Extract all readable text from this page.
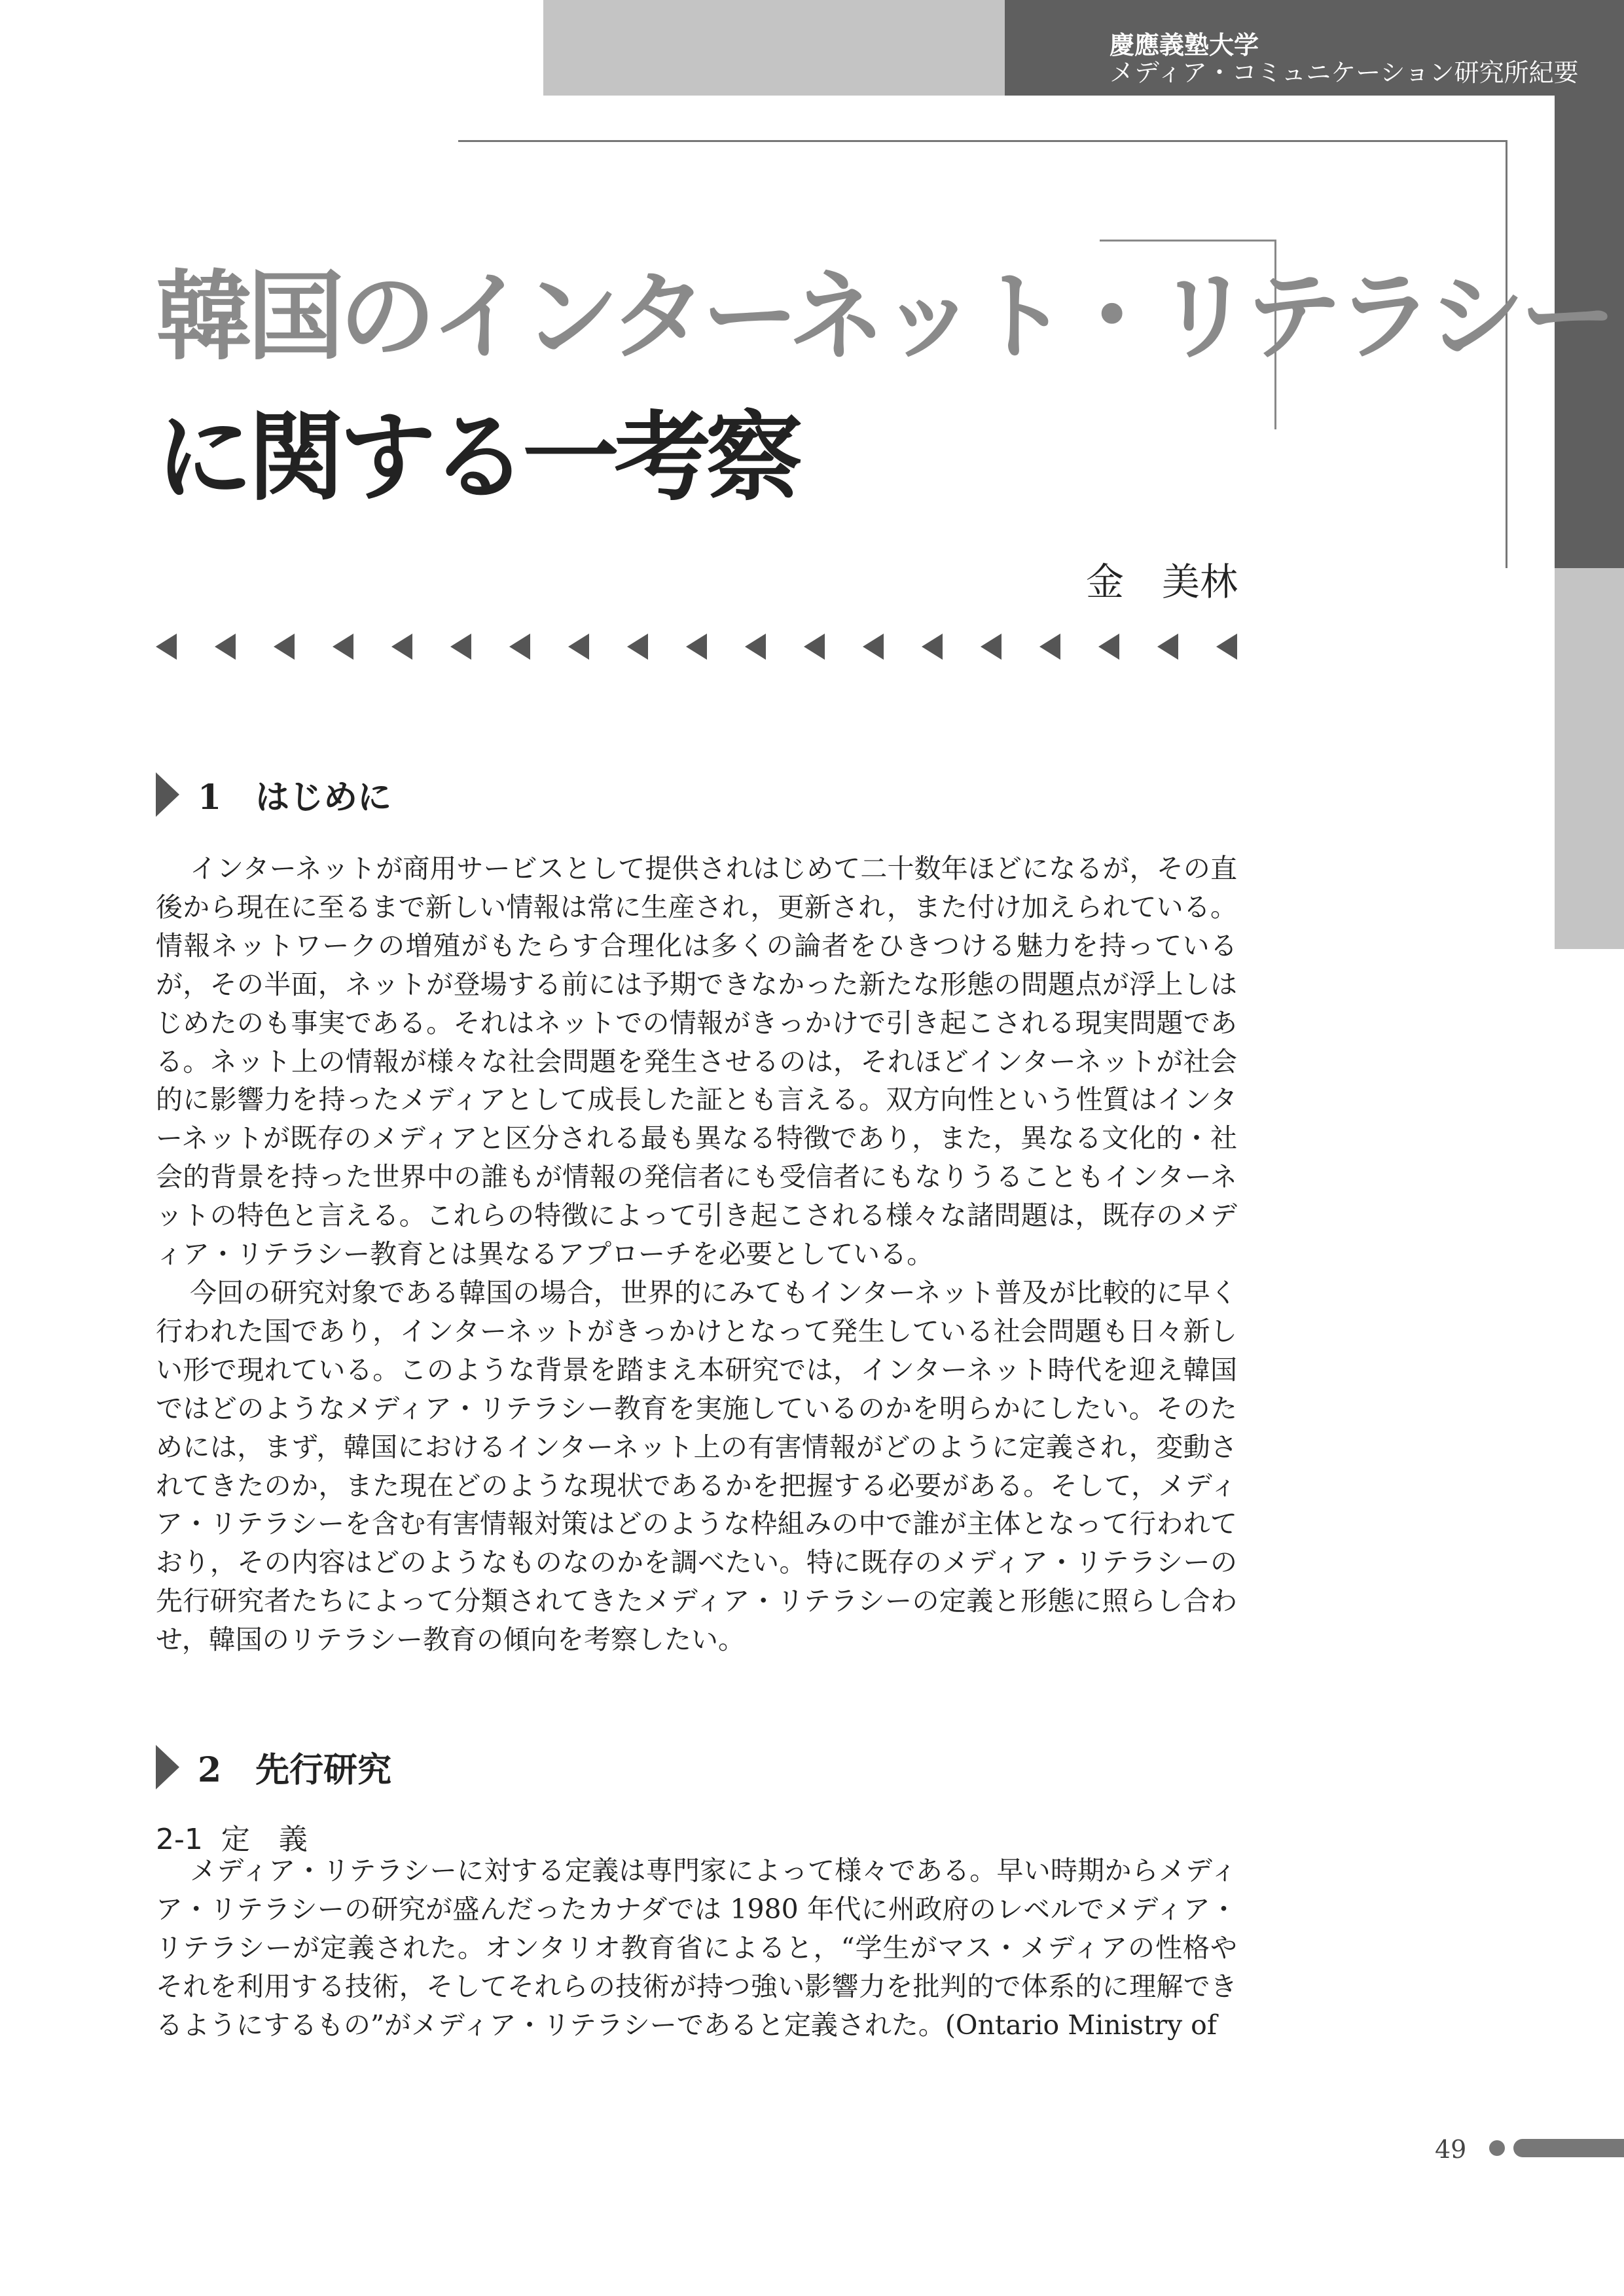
慶應義塾大学
メディア・コミュニケーション研究所紀要
韓国のインターネット・リテラシー
に関する一考察
金　美林
1　はじめに

インターネットが商用サービスとして提供されはじめて二十数年ほどになるが，その直後から現在に至るまで新しい情報は常に生産され，更新され，また付け加えられている。情報ネットワークの増殖がもたらす合理化は多くの論者をひきつける魅力を持っているが，その半面，ネットが登場する前には予期できなかった新たな形態の問題点が浮上しはじめたのも事実である。それはネットでの情報がきっかけで引き起こされる現実問題である。ネット上の情報が様々な社会問題を発生させるのは，それほどインターネットが社会的に影響力を持ったメディアとして成長した証とも言える。双方向性という性質はインターネットが既存のメディアと区分される最も異なる特徴であり，また，異なる文化的・社会的背景を持った世界中の誰もが情報の発信者にも受信者にもなりうることもインターネットの特色と言える。これらの特徴によって引き起こされる様々な諸問題は，既存のメディア・リテラシー教育とは異なるアプローチを必要としている。

今回の研究対象である韓国の場合，世界的にみてもインターネット普及が比較的に早く行われた国であり，インターネットがきっかけとなって発生している社会問題も日々新しい形で現れている。このような背景を踏まえ本研究では，インターネット時代を迎え韓国ではどのようなメディア・リテラシー教育を実施しているのかを明らかにしたい。そのためには，まず，韓国におけるインターネット上の有害情報がどのように定義され，変動されてきたのか，また現在どのような現状であるかを把握する必要がある。そして，メディア・リテラシーを含む有害情報対策はどのような枠組みの中で誰が主体となって行われており，その内容はどのようなものなのかを調べたい。特に既存のメディア・リテラシーの先行研究者たちによって分類されてきたメディア・リテラシーの定義と形態に照らし合わせ，韓国のリテラシー教育の傾向を考察したい。

2　先行研究
2-1  定　義

メディア・リテラシーに対する定義は専門家によって様々である。早い時期からメディア・リテラシーの研究が盛んだったカナダでは 1980 年代に州政府のレベルでメディア・リテラシーが定義された。オンタリオ教育省によると，“学生がマス・メディアの性格やそれを利用する技術，そしてそれらの技術が持つ強い影響力を批判的で体系的に理解できるようにするもの”がメディア・リテラシーであると定義された。(Ontario Ministry of

49
